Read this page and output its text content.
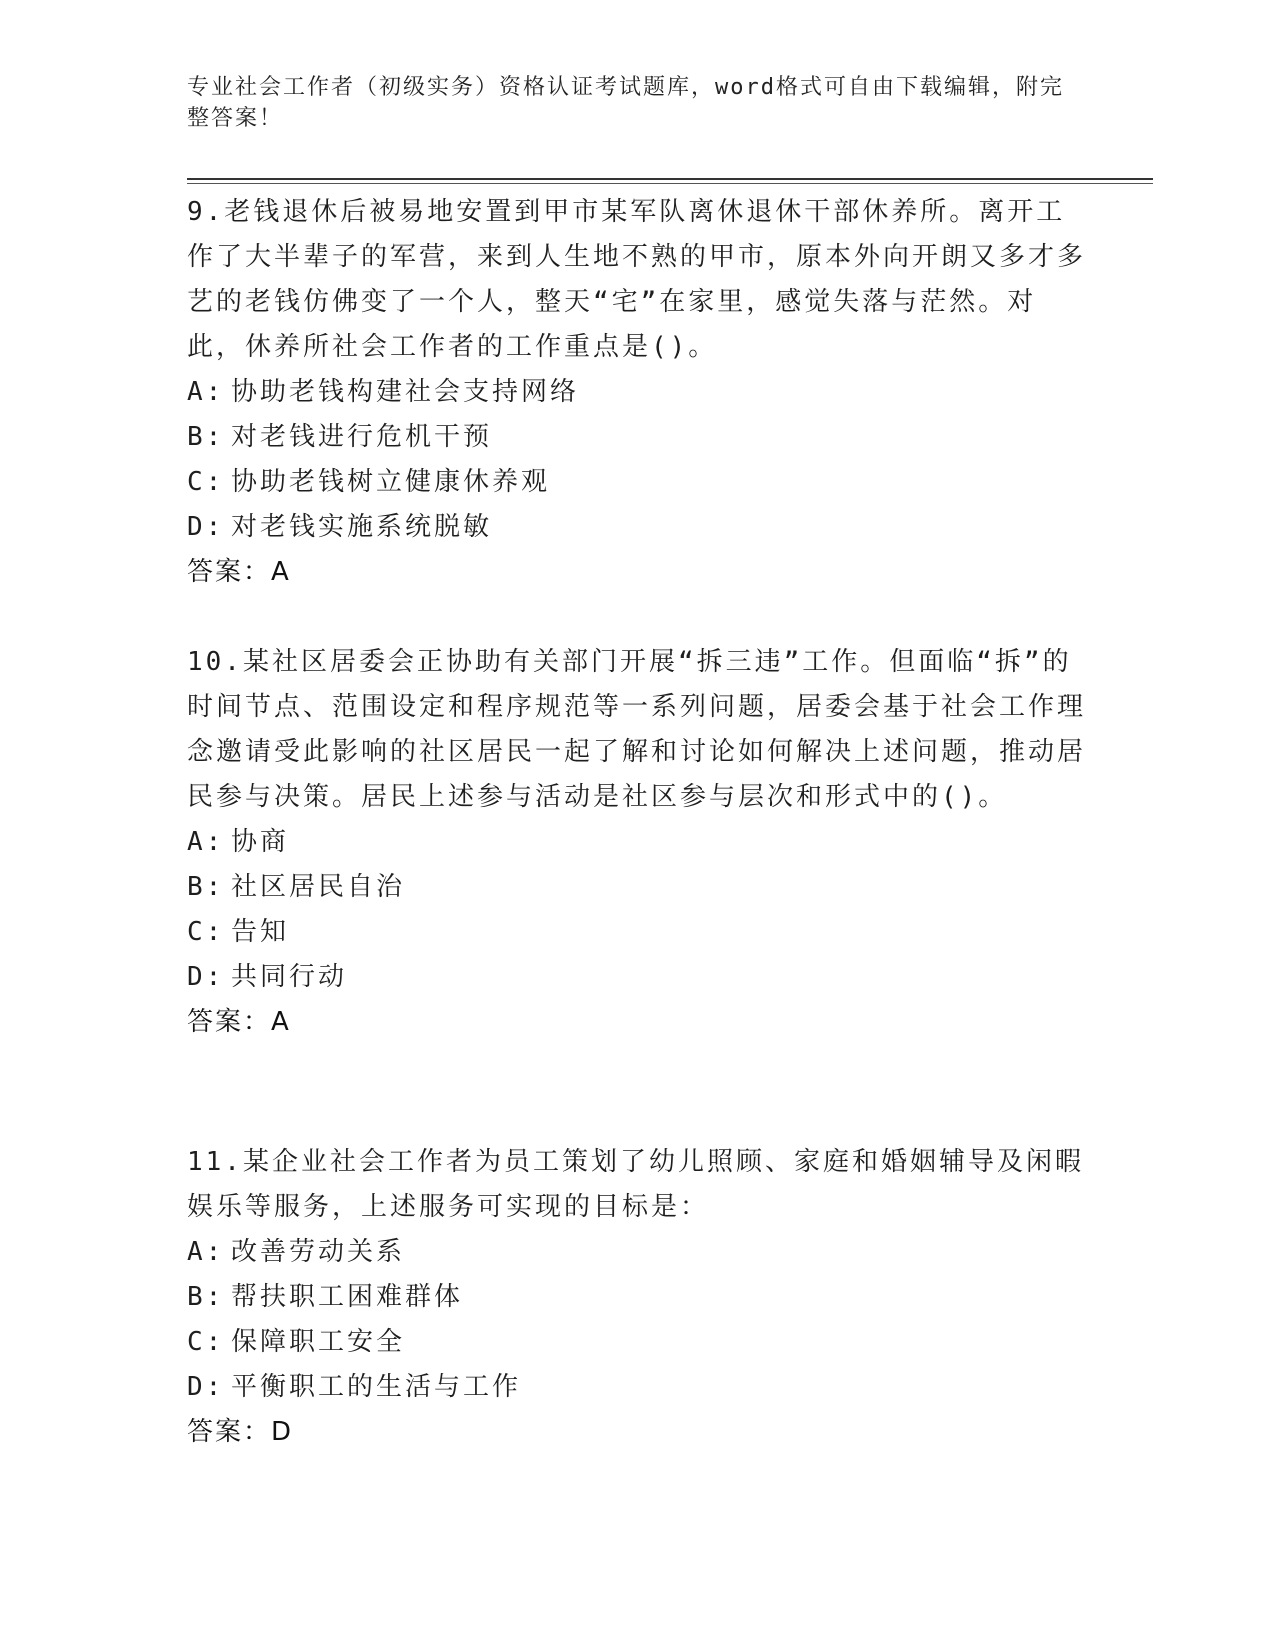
专业社会工作者（初级实务）资格认证考试题库，word格式可自由下载编辑，附完整答案！

9.老钱退休后被易地安置到甲市某军队离休退休干部休养所。离开工作了大半辈子的军营，来到人生地不熟的甲市，原本外向开朗又多才多艺的老钱仿佛变了一个人，整天“宅”在家里，感觉失落与茫然。对此，休养所社会工作者的工作重点是()。

A: 协助老钱构建社会支持网络

B: 对老钱进行危机干预

C: 协助老钱树立健康休养观

D: 对老钱实施系统脱敏

答案：A

10.某社区居委会正协助有关部门开展“拆三违”工作。但面临“拆”的时间节点、范围设定和程序规范等一系列问题，居委会基于社会工作理念邀请受此影响的社区居民一起了解和讨论如何解决上述问题，推动居民参与决策。居民上述参与活动是社区参与层次和形式中的()。

A: 协商

B: 社区居民自治

C: 告知

D: 共同行动

答案：A

11.某企业社会工作者为员工策划了幼儿照顾、家庭和婚姻辅导及闲暇娱乐等服务，上述服务可实现的目标是：

A: 改善劳动关系

B: 帮扶职工困难群体

C: 保障职工安全

D: 平衡职工的生活与工作

答案：D
